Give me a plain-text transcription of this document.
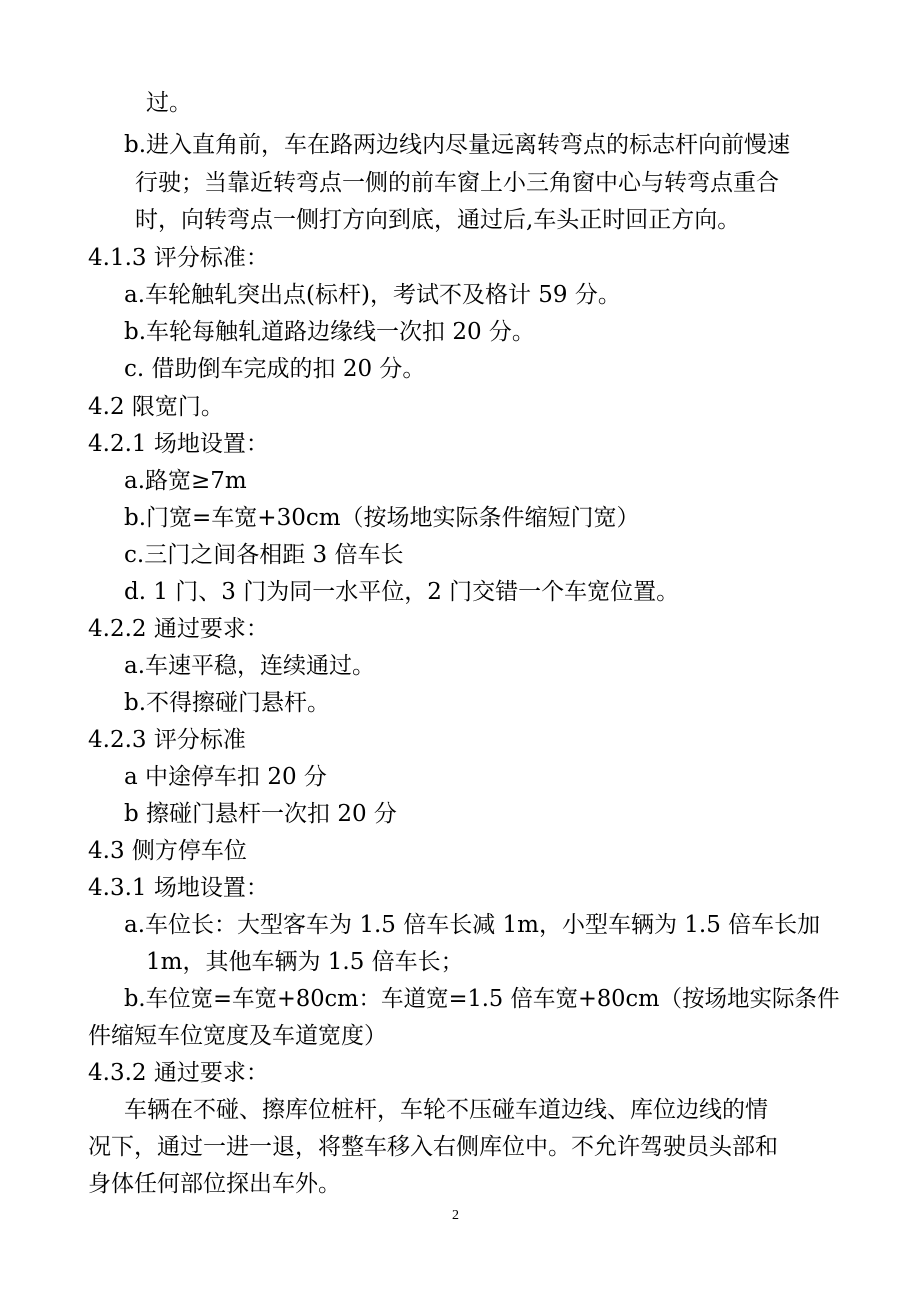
过。
b.进入直角前，车在路两边线内尽量远离转弯点的标志杆向前慢速
行驶；当靠近转弯点一侧的前车窗上小三角窗中心与转弯点重合
时，向转弯点一侧打方向到底，通过后,车头正时回正方向。
4.1.3 评分标准：
a.车轮触轧突出点(标杆)，考试不及格计 59 分。
b.车轮每触轧道路边缘线一次扣 20 分。
c. 借助倒车完成的扣 20 分。
4.2 限宽门。
4.2.1 场地设置：
a.路宽≥7m
b.门宽=车宽+30cm（按场地实际条件缩短门宽）
c.三门之间各相距 3 倍车长
d. 1 门、3 门为同一水平位，2 门交错一个车宽位置。
4.2.2 通过要求：
a.车速平稳，连续通过。
b.不得擦碰门悬杆。
4.2.3 评分标准
a 中途停车扣 20 分
b 擦碰门悬杆一次扣 20 分
4.3 侧方停车位
4.3.1 场地设置：
a.车位长：大型客车为 1.5 倍车长减 1m，小型车辆为 1.5 倍车长加
1m，其他车辆为 1.5 倍车长；
b.车位宽=车宽+80cm：车道宽=1.5 倍车宽+80cm（按场地实际条件
件缩短车位宽度及车道宽度）
4.3.2 通过要求：
车辆在不碰、擦库位桩杆，车轮不压碰车道边线、库位边线的情
况下，通过一进一退，将整车移入右侧库位中。不允许驾驶员头部和
身体任何部位探出车外。
2
